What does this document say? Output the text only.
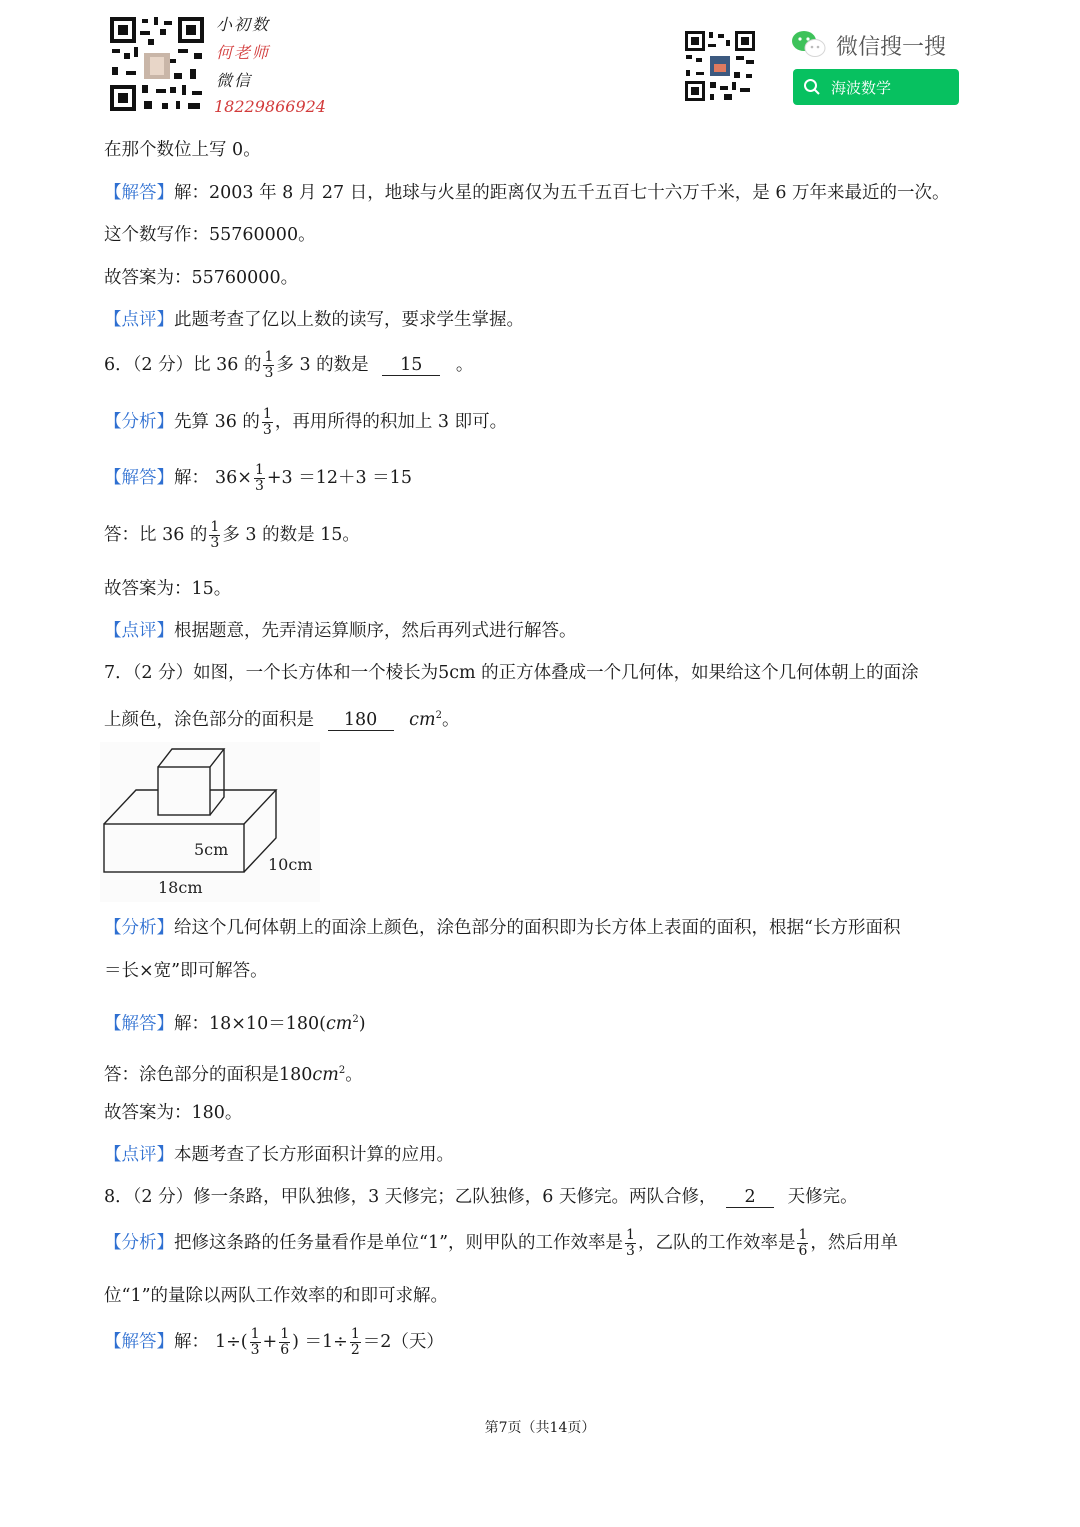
小初数
何老师
微信
18229866924
微信搜一搜
海波数学
在那个数位上写 0。
【解答】解：2003 年 8 月 27 日，地球与火星的距离仅为五千五百七十六万千米，是 6 万年来最近的一次。
这个数写作：55760000。
故答案为：55760000。
【点评】此题考查了亿以上数的读写，要求学生掌握。
6．（2 分）比 36 的 $\frac{1}{3}$ 多 3 的数是 15 。
【分析】先算 36 的 $\frac{1}{3}$ ，再用所得的积加上 3 即可。
【解答】解： $36\times \frac{1}{3} +3 =12+3 =15$
答：比 36 的 $\frac{1}{3}$ 多 3 的数是 15。
故答案为：15。
【点评】根据题意，先弄清运算顺序，然后再列式进行解答。
7．（2 分）如图，一个长方体和一个棱长为5cm 的正方体叠成一个几何体，如果给这个几何体朝上的面涂
上颜色，涂色部分的面积是 180 $cm^2$。
5cm
10cm
18cm
【分析】给这个几何体朝上的面涂上颜色，涂色部分的面积即为长方体上表面的面积，根据“长方形面积
＝长×宽”即可解答。
【解答】解：$18\times 10=180(cm^2)$
答：涂色部分的面积是$180cm^2$。
故答案为：180。
【点评】本题考查了长方形面积计算的应用。
8．（2 分）修一条路，甲队独修，3 天修完；乙队独修，6 天修完。两队合修， 2 天修完。
【分析】把修这条路的任务量看作是单位“1”，则甲队的工作效率是 $\frac{1}{3}$ ，乙队的工作效率是 $\frac{1}{6}$ ，然后用单
位“1”的量除以两队工作效率的和即可求解。
【解答】解： $1\div( \frac{1}{3} + \frac{1}{6}$ ) $=1\div \frac{1}{2} =2$（天）
第7页（共14页）
